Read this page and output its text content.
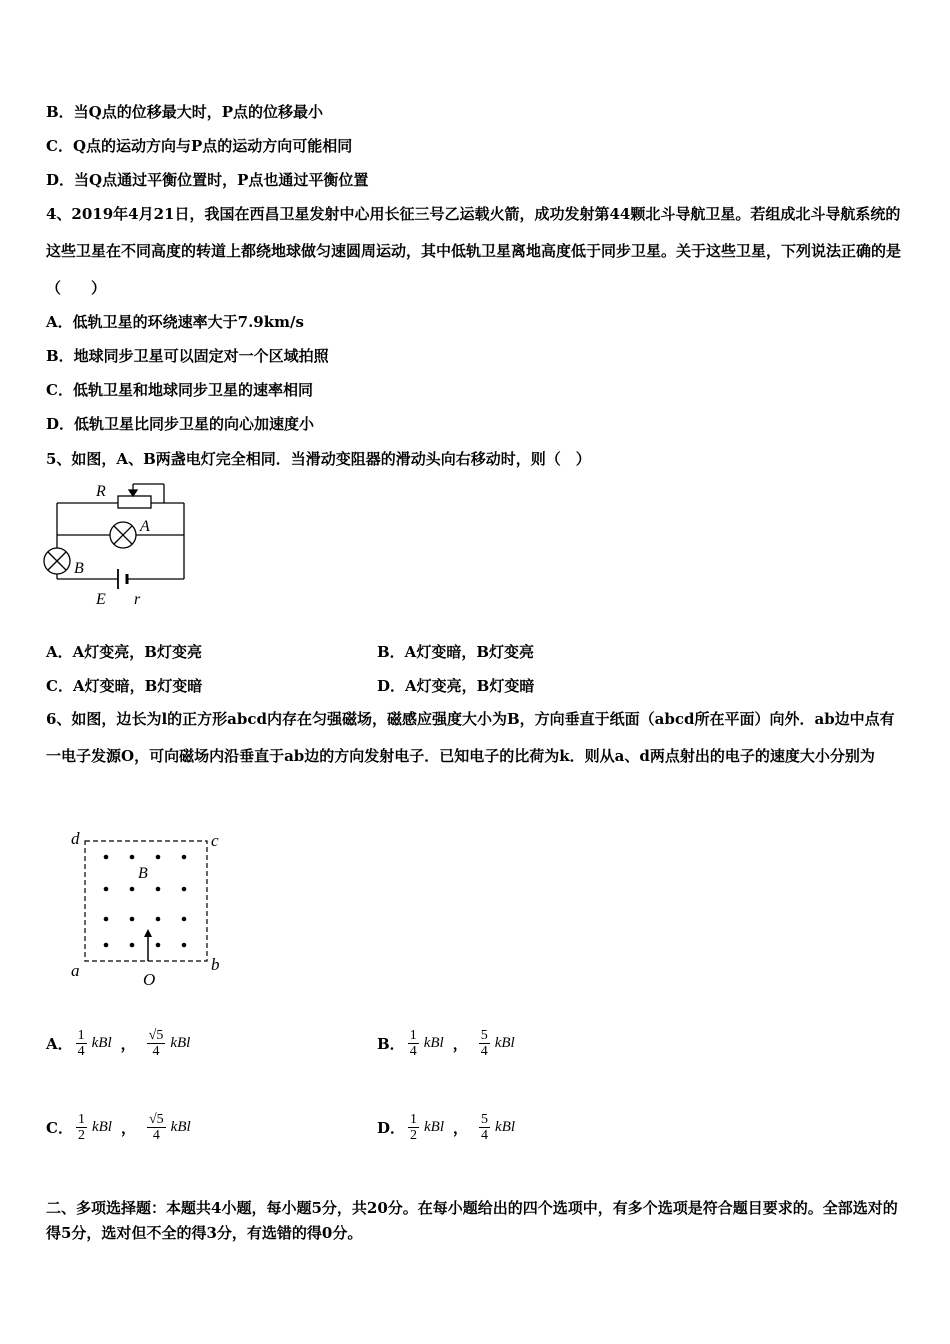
B．当Q点的位移最大时，P点的位移最小
C．Q点的运动方向与P点的运动方向可能相同
D．当Q点通过平衡位置时，P点也通过平衡位置
4、2019年4月21日，我国在西昌卫星发射中心用长征三号乙运载火箭，成功发射第44颗北斗导航卫星。若组成北斗导航系统的这些卫星在不同高度的转道上都绕地球做匀速圆周运动，其中低轨卫星离地高度低于同步卫星。关于这些卫星，下列说法正确的是（　　）
A．低轨卫星的环绕速率大于7.9km/s
B．地球同步卫星可以固定对一个区域拍照
C．低轨卫星和地球同步卫星的速率相同
D．低轨卫星比同步卫星的向心加速度小
5、如图，A、B两盏电灯完全相同．当滑动变阻器的滑动头向右移动时，则（　）
R
A
B
E r
A．A灯变亮，B灯变亮	B．A灯变暗，B灯变亮
C．A灯变暗，B灯变暗	D．A灯变亮，B灯变暗
6、如图，边长为l的正方形abcd内存在匀强磁场，磁感应强度大小为B，方向垂直于纸面（abcd所在平面）向外．ab边中点有一电子发源O，可向磁场内沿垂直于ab边的方向发射电子．已知电子的比荷为k．则从a、d两点射出的电子的速度大小分别为
d	c
B
a	b
O
A． $\frac{1}{4}$ kBl ， $\frac{√5}{4}$ kBl	B． $\frac{1}{4}$ kBl ， $\frac{5}{4}$ kBl
C． $\frac{1}{2}$ kBl ， $\frac{√5}{4}$ kBl	D． $\frac{1}{2}$ kBl ， $\frac{5}{4}$ kBl
二、多项选择题：本题共4小题，每小题5分，共20分。在每小题给出的四个选项中，有多个选项是符合题目要求的。全部选对的得5分，选对但不全的得3分，有选错的得0分。
